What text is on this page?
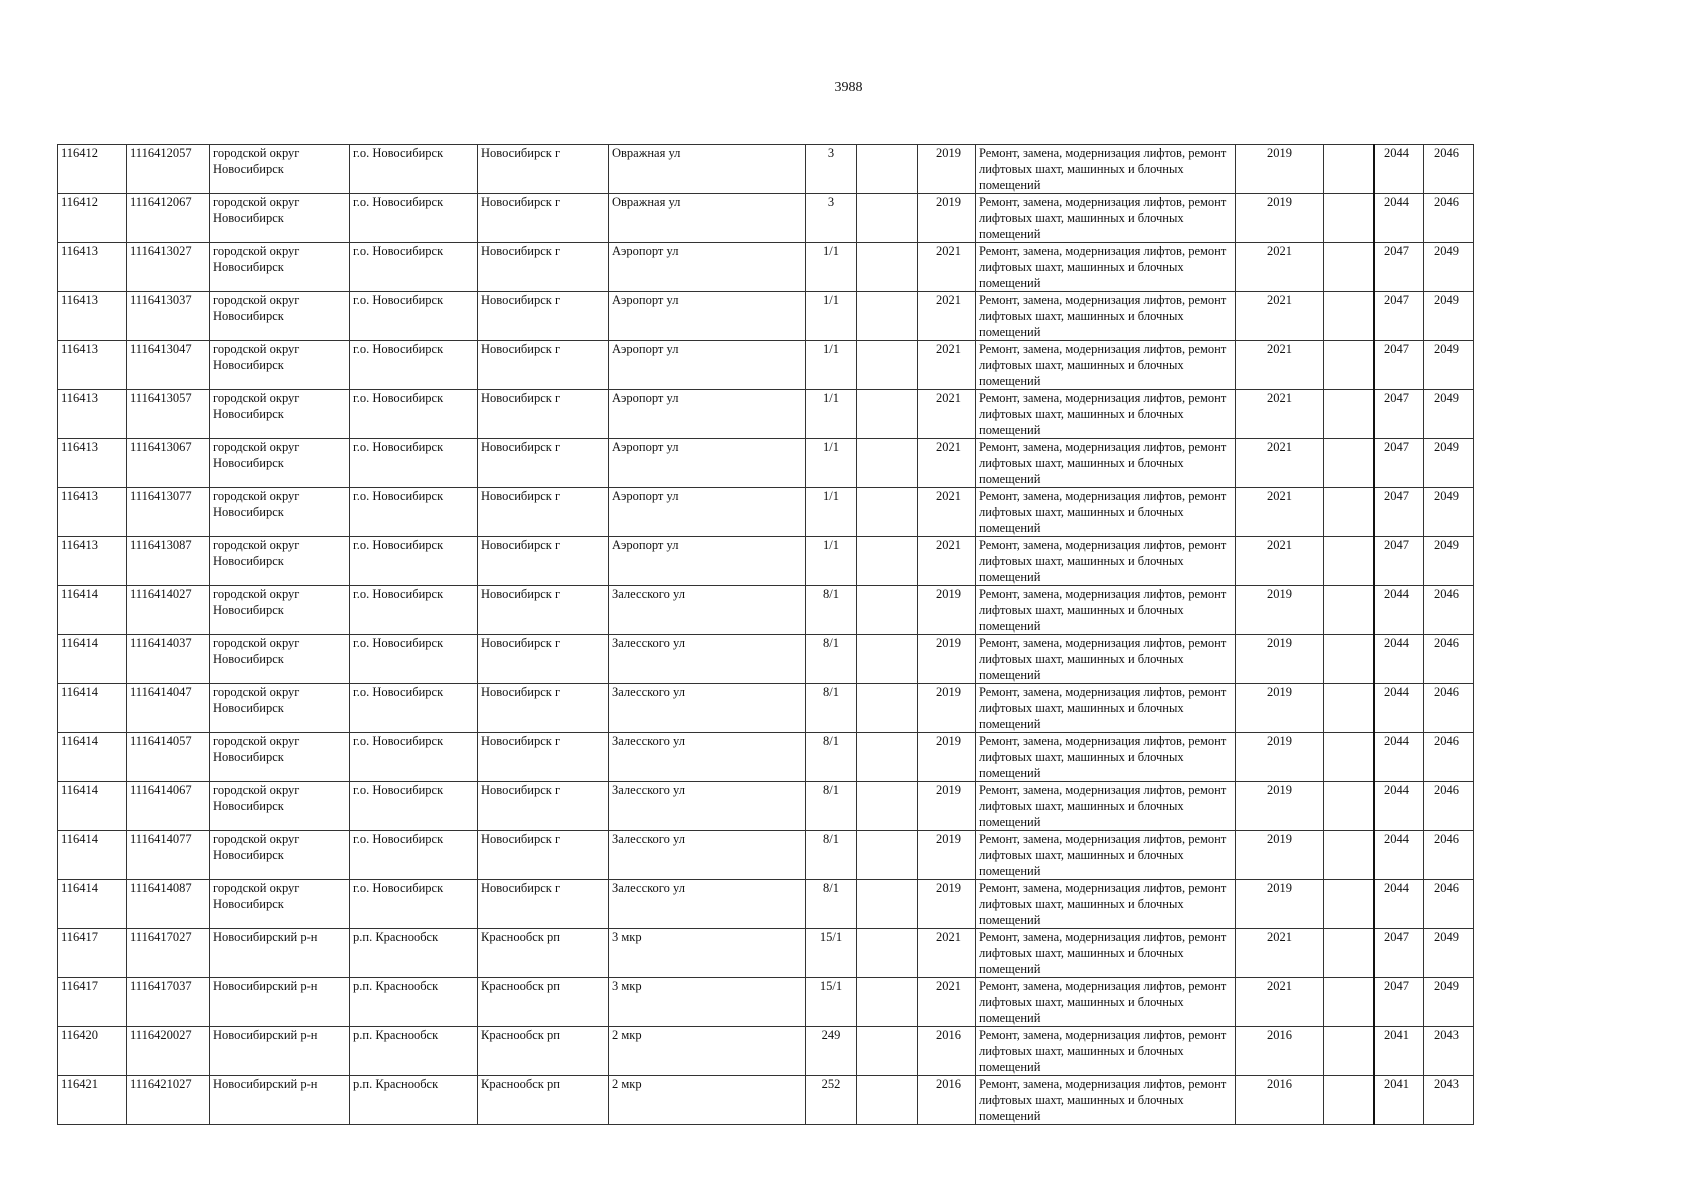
3988
116412	1116412057	городской округ Новосибирск	г.о. Новосибирск	Новосибирск г	Овражная ул	3		2019	Ремонт, замена, модернизация лифтов, ремонт лифтовых шахт, машинных и блочных помещений	2019		2044	2046
116412	1116412067	городской округ Новосибирск	г.о. Новосибирск	Новосибирск г	Овражная ул	3		2019	Ремонт, замена, модернизация лифтов, ремонт лифтовых шахт, машинных и блочных помещений	2019		2044	2046
116413	1116413027	городской округ Новосибирск	г.о. Новосибирск	Новосибирск г	Аэропорт ул	1/1		2021	Ремонт, замена, модернизация лифтов, ремонт лифтовых шахт, машинных и блочных помещений	2021		2047	2049
116413	1116413037	городской округ Новосибирск	г.о. Новосибирск	Новосибирск г	Аэропорт ул	1/1		2021	Ремонт, замена, модернизация лифтов, ремонт лифтовых шахт, машинных и блочных помещений	2021		2047	2049
116413	1116413047	городской округ Новосибирск	г.о. Новосибирск	Новосибирск г	Аэропорт ул	1/1		2021	Ремонт, замена, модернизация лифтов, ремонт лифтовых шахт, машинных и блочных помещений	2021		2047	2049
116413	1116413057	городской округ Новосибирск	г.о. Новосибирск	Новосибирск г	Аэропорт ул	1/1		2021	Ремонт, замена, модернизация лифтов, ремонт лифтовых шахт, машинных и блочных помещений	2021		2047	2049
116413	1116413067	городской округ Новосибирск	г.о. Новосибирск	Новосибирск г	Аэропорт ул	1/1		2021	Ремонт, замена, модернизация лифтов, ремонт лифтовых шахт, машинных и блочных помещений	2021		2047	2049
116413	1116413077	городской округ Новосибирск	г.о. Новосибирск	Новосибирск г	Аэропорт ул	1/1		2021	Ремонт, замена, модернизация лифтов, ремонт лифтовых шахт, машинных и блочных помещений	2021		2047	2049
116413	1116413087	городской округ Новосибирск	г.о. Новосибирск	Новосибирск г	Аэропорт ул	1/1		2021	Ремонт, замена, модернизация лифтов, ремонт лифтовых шахт, машинных и блочных помещений	2021		2047	2049
116414	1116414027	городской округ Новосибирск	г.о. Новосибирск	Новосибирск г	Залесского ул	8/1		2019	Ремонт, замена, модернизация лифтов, ремонт лифтовых шахт, машинных и блочных помещений	2019		2044	2046
116414	1116414037	городской округ Новосибирск	г.о. Новосибирск	Новосибирск г	Залесского ул	8/1		2019	Ремонт, замена, модернизация лифтов, ремонт лифтовых шахт, машинных и блочных помещений	2019		2044	2046
116414	1116414047	городской округ Новосибирск	г.о. Новосибирск	Новосибирск г	Залесского ул	8/1		2019	Ремонт, замена, модернизация лифтов, ремонт лифтовых шахт, машинных и блочных помещений	2019		2044	2046
116414	1116414057	городской округ Новосибирск	г.о. Новосибирск	Новосибирск г	Залесского ул	8/1		2019	Ремонт, замена, модернизация лифтов, ремонт лифтовых шахт, машинных и блочных помещений	2019		2044	2046
116414	1116414067	городской округ Новосибирск	г.о. Новосибирск	Новосибирск г	Залесского ул	8/1		2019	Ремонт, замена, модернизация лифтов, ремонт лифтовых шахт, машинных и блочных помещений	2019		2044	2046
116414	1116414077	городской округ Новосибирск	г.о. Новосибирск	Новосибирск г	Залесского ул	8/1		2019	Ремонт, замена, модернизация лифтов, ремонт лифтовых шахт, машинных и блочных помещений	2019		2044	2046
116414	1116414087	городской округ Новосибирск	г.о. Новосибирск	Новосибирск г	Залесского ул	8/1		2019	Ремонт, замена, модернизация лифтов, ремонт лифтовых шахт, машинных и блочных помещений	2019		2044	2046
116417	1116417027	Новосибирский р-н	р.п. Краснообск	Краснообск рп	3 мкр	15/1		2021	Ремонт, замена, модернизация лифтов, ремонт лифтовых шахт, машинных и блочных помещений	2021		2047	2049
116417	1116417037	Новосибирский р-н	р.п. Краснообск	Краснообск рп	3 мкр	15/1		2021	Ремонт, замена, модернизация лифтов, ремонт лифтовых шахт, машинных и блочных помещений	2021		2047	2049
116420	1116420027	Новосибирский р-н	р.п. Краснообск	Краснообск рп	2 мкр	249		2016	Ремонт, замена, модернизация лифтов, ремонт лифтовых шахт, машинных и блочных помещений	2016		2041	2043
116421	1116421027	Новосибирский р-н	р.п. Краснообск	Краснообск рп	2 мкр	252		2016	Ремонт, замена, модернизация лифтов, ремонт лифтовых шахт, машинных и блочных помещений	2016		2041	2043
